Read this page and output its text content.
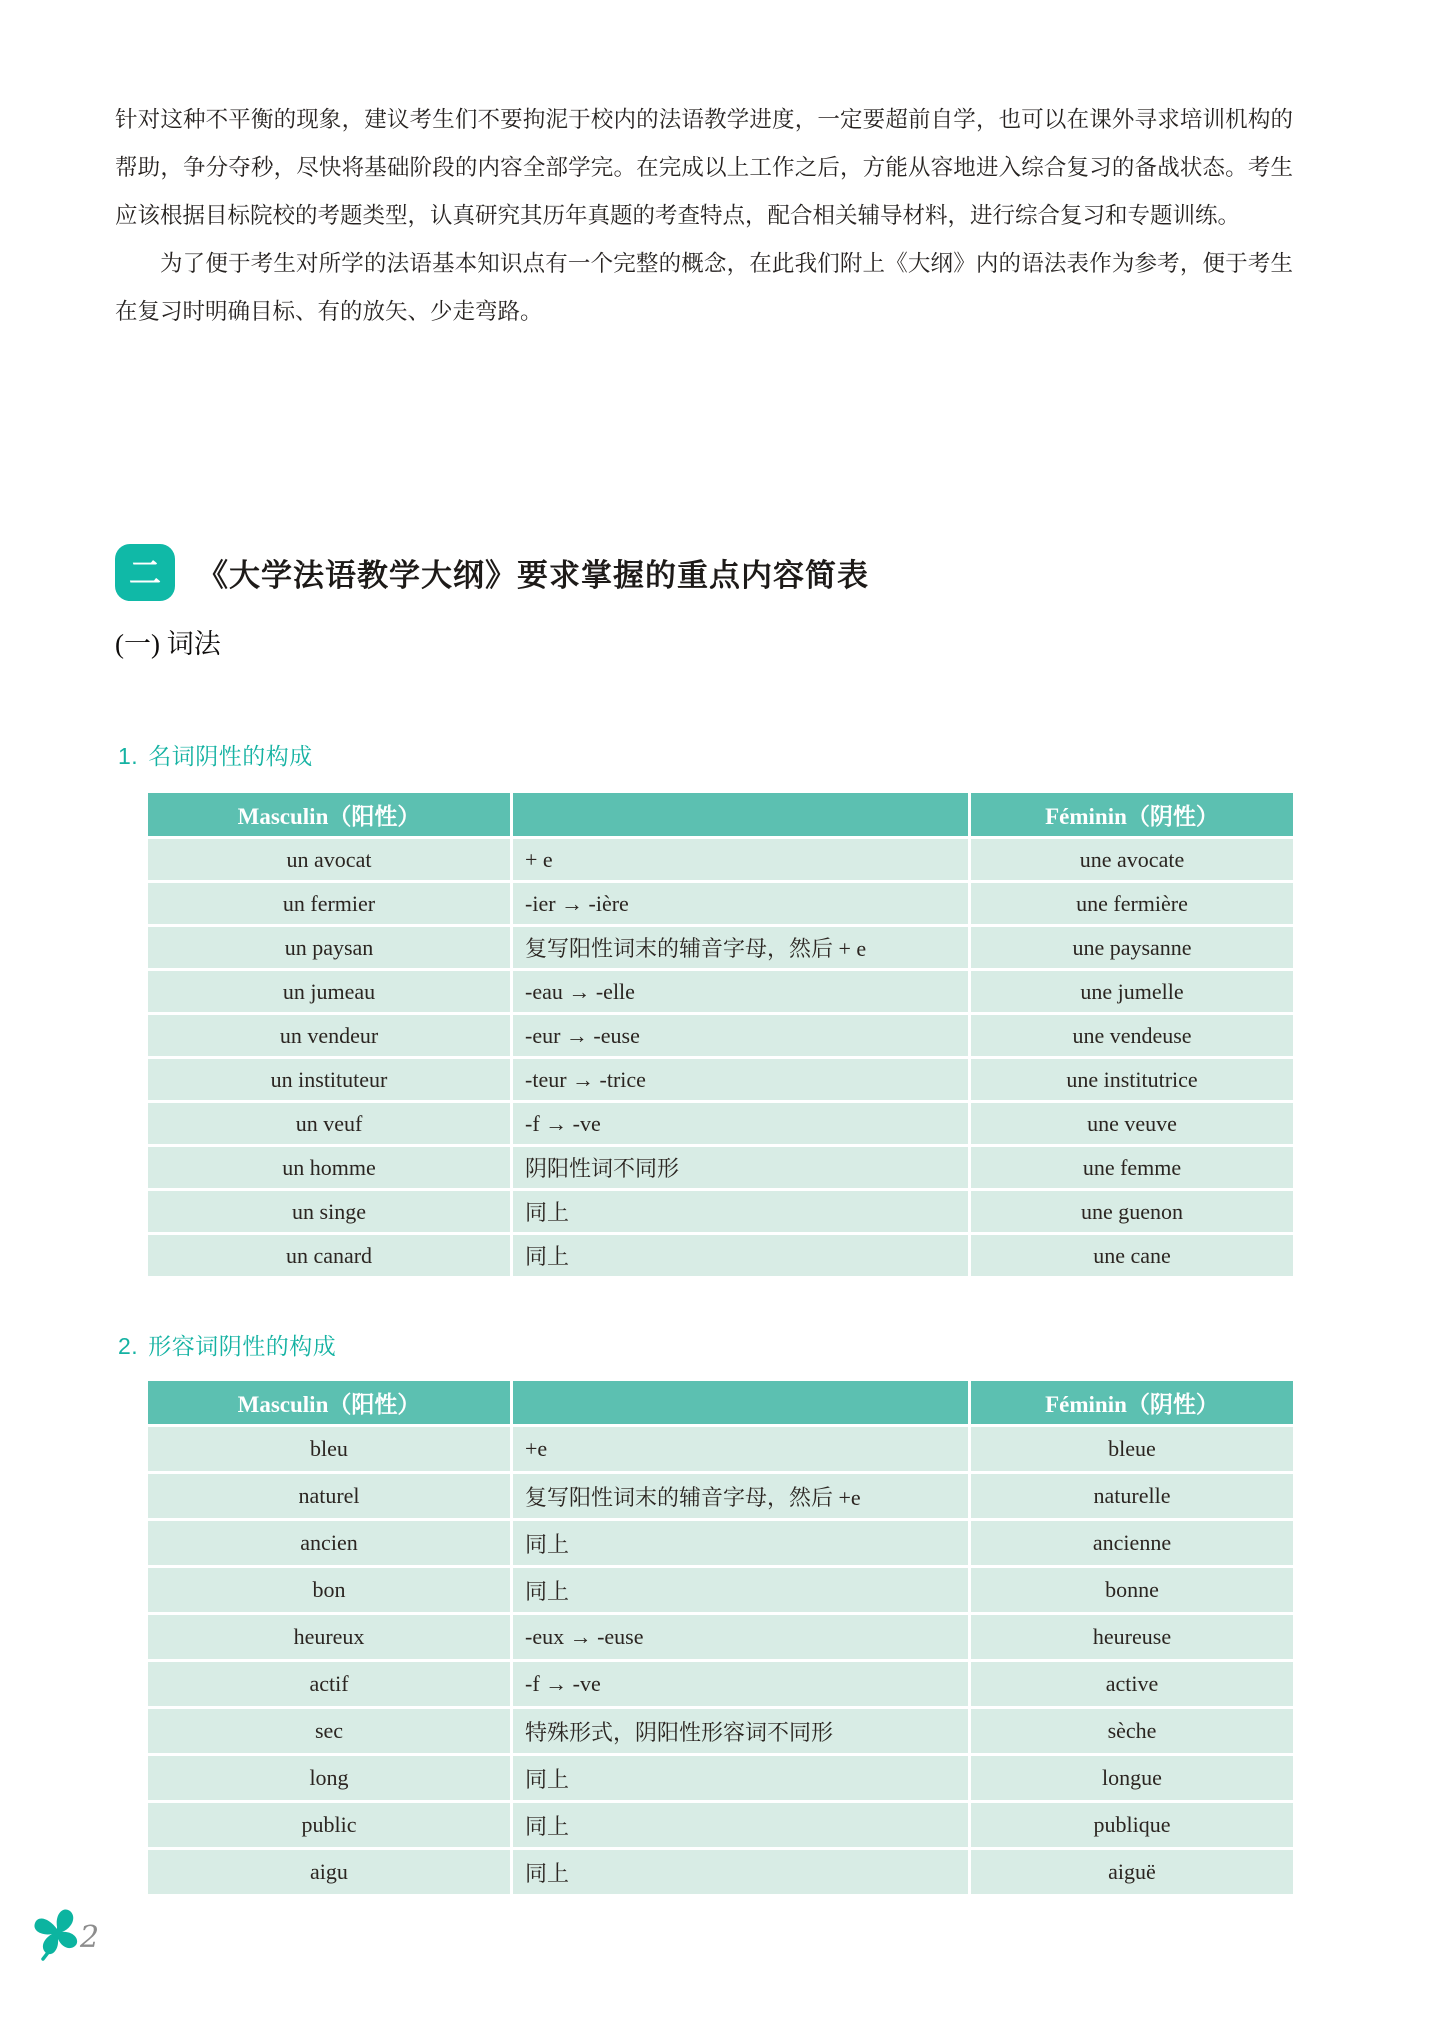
针对这种不平衡的现象，建议考生们不要拘泥于校内的法语教学进度，一定要超前自学，也可以在课外寻求培训机构的帮助，争分夺秒，尽快将基础阶段的内容全部学完。在完成以上工作之后，方能从容地进入综合复习的备战状态。考生应该根据目标院校的考题类型，认真研究其历年真题的考查特点，配合相关辅导材料，进行综合复习和专题训练。

为了便于考生对所学的法语基本知识点有一个完整的概念，在此我们附上《大纲》内的语法表作为参考，便于考生在复习时明确目标、有的放矢、少走弯路。

二	《大学法语教学大纲》要求掌握的重点内容简表
(一) 词法
1. 名词阴性的构成
Masculin（阳性）		Féminin（阴性）
un avocat	+ e	une avocate
un fermier	-ier → -ière	une fermière
un paysan	复写阳性词末的辅音字母，然后 + e	une paysanne
un jumeau	-eau → -elle	une jumelle
un vendeur	-eur → -euse	une vendeuse
un instituteur	-teur → -trice	une institutrice
un veuf	-f → -ve	une veuve
un homme	阴阳性词不同形	une femme
un singe	同上	une guenon
un canard	同上	une cane
2. 形容词阴性的构成
Masculin（阳性）		Féminin（阴性）
bleu	+e	bleue
naturel	复写阳性词末的辅音字母，然后 +e	naturelle
ancien	同上	ancienne
bon	同上	bonne
heureux	-eux → -euse	heureuse
actif	-f → -ve	active
sec	特殊形式，阴阳性形容词不同形	sèche
long	同上	longue
public	同上	publique
aigu	同上	aiguë
2
